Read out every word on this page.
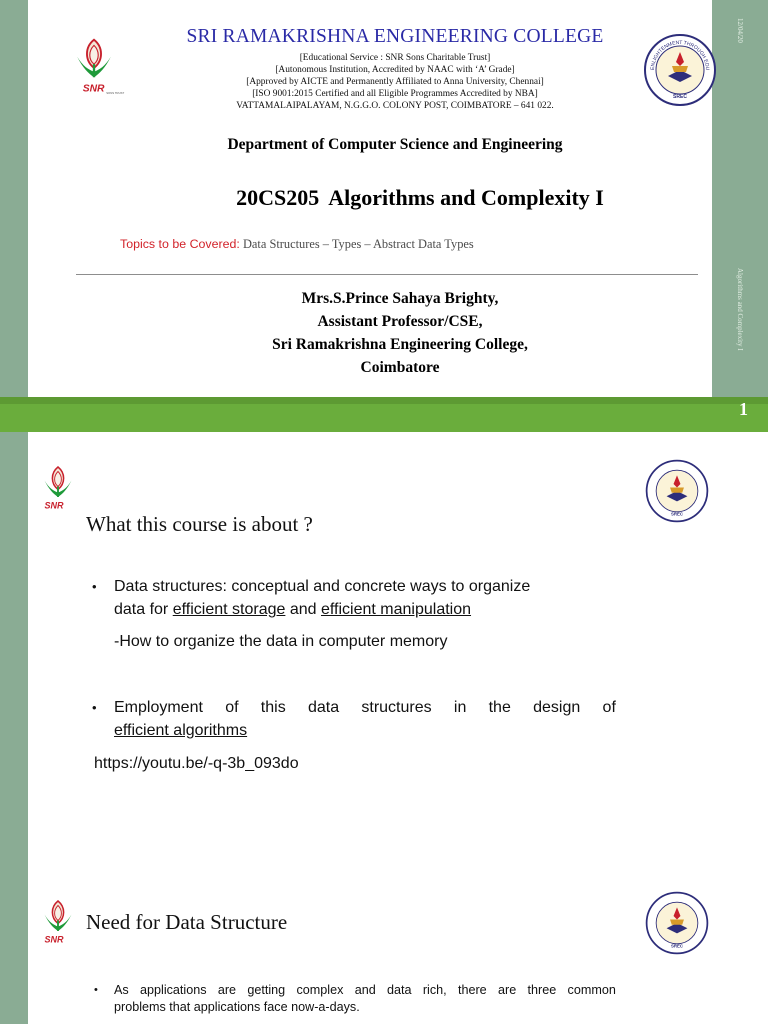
12/04/20
Algorithms and Complexity I
SNR SONS TRUST
ENLIGHTENMENT THROUGH EDU
SREC
SRI RAMAKRISHNA ENGINEERING COLLEGE
[Educational Service : SNR Sons Charitable Trust]
[Autonomous Institution, Accredited by NAAC with ‘A’ Grade]
[Approved by AICTE and Permanently Affiliated to Anna University, Chennai]
[ISO 9001:2015 Certified and all Eligible Programmes Accredited by NBA]
VATTAMALAIPALAYAM, N.G.G.O. COLONY POST, COIMBATORE – 641 022.
Department of Computer Science and Engineering
20CS205 Algorithms and Complexity I
Topics to be Covered: Data Structures – Types – Abstract Data Types
Mrs.S.Prince Sahaya Brighty,
Assistant Professor/CSE,
Sri Ramakrishna Engineering College,
Coimbatore
1
SNR
SREC
What this course is about ?
• Data structures: conceptual and concrete ways to organize
data for efficient storage and efficient manipulation
-How to organize the data in computer memory
• Employment of this data structures in the design of
efficient algorithms
https://youtu.be/-q-3b_093do
SNR
SREC
Need for Data Structure
• As applications are getting complex and data rich, there are three common
problems that applications face now-a-days.
